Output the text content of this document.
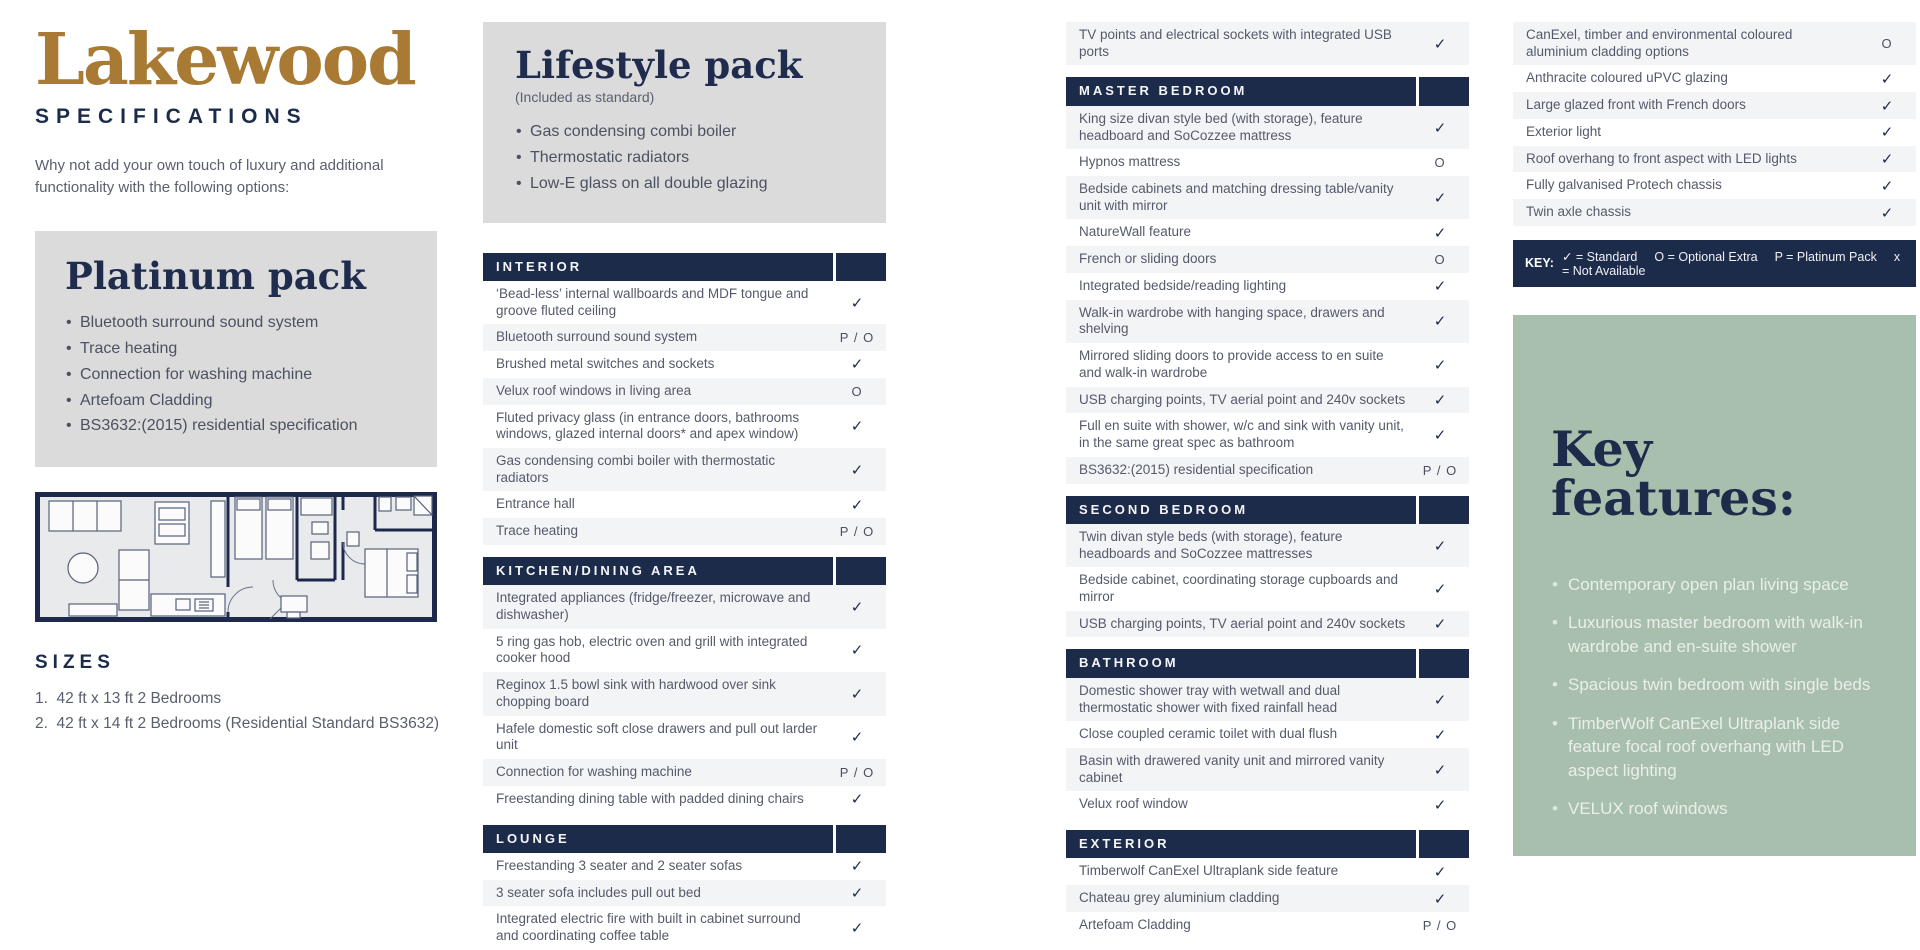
Lakewood
SPECIFICATIONS

Why not add your own touch of luxury and additional functionality with the following options:

Platinum pack
• Bluetooth surround sound system
• Trace heating
• Connection for washing machine
• Artefoam Cladding
• BS3632:(2015) residential specification
SIZES
42 ft x 13 ft 2 Bedrooms
42 ft x 14 ft 2 Bedrooms (Residential Standard BS3632)
Lifestyle pack
(Included as standard)
• Gas condensing combi boiler
• Thermostatic radiators
• Low-E glass on all double glazing
INTERIOR
‘Bead-less’ internal wallboards and MDF tongue and groove fluted ceiling	✓
Bluetooth surround sound system	P / O
Brushed metal switches and sockets	✓
Velux roof windows in living area	O
Fluted privacy glass (in entrance doors, bathrooms windows, glazed internal doors* and apex window)	✓
Gas condensing combi boiler with thermostatic radiators	✓
Entrance hall	✓
Trace heating	P / O
KITCHEN/DINING AREA
Integrated appliances (fridge/freezer, microwave and dishwasher)	✓
5 ring gas hob, electric oven and grill with integrated cooker hood	✓
Reginox 1.5 bowl sink with hardwood over sink chopping board	✓
Hafele domestic soft close drawers and pull out larder unit	✓
Connection for washing machine	P / O
Freestanding dining table with padded dining chairs	✓
LOUNGE
Freestanding 3 seater and 2 seater sofas	✓
3 seater sofa includes pull out bed	✓
Integrated electric fire with built in cabinet surround and coordinating coffee table	✓
TV points and electrical sockets with integrated USB ports	✓
MASTER BEDROOM
King size divan style bed (with storage), feature headboard and SoCozzee mattress	✓
Hypnos mattress	O
Bedside cabinets and matching dressing table/vanity unit with mirror	✓
NatureWall feature	✓
French or sliding doors	O
Integrated bedside/reading lighting	✓
Walk-in wardrobe with hanging space, drawers and shelving	✓
Mirrored sliding doors to provide access to en suite and walk-in wardrobe	✓
USB charging points, TV aerial point and 240v sockets	✓
Full en suite with shower, w/c and sink with vanity unit, in the same great spec as bathroom	✓
BS3632:(2015) residential specification	P / O
SECOND BEDROOM
Twin divan style beds (with storage), feature headboards and SoCozzee mattresses	✓
Bedside cabinet, coordinating storage cupboards and mirror	✓
USB charging points, TV aerial point and 240v sockets	✓
BATHROOM
Domestic shower tray with wetwall and dual thermostatic shower with fixed rainfall head	✓
Close coupled ceramic toilet with dual flush	✓
Basin with drawered vanity unit and mirrored vanity cabinet	✓
Velux roof window	✓
EXTERIOR
Timberwolf CanExel Ultraplank side feature	✓
Chateau grey aluminium cladding	✓
Artefoam Cladding	P / O
CanExel, timber and environmental coloured aluminium cladding options	O
Anthracite coloured uPVC glazing	✓
Large glazed front with French doors	✓
Exterior light	✓
Roof overhang to front aspect with LED lights	✓
Fully galvanised Protech chassis	✓
Twin axle chassis	✓
KEY: ✓ = Standard O = Optional Extra P = Platinum Pack x = Not Available
Key features:
• Contemporary open plan living space
• Luxurious master bedroom with walk-in wardrobe and en-suite shower
• Spacious twin bedroom with single beds
• TimberWolf CanExel Ultraplank side feature focal roof overhang with LED aspect lighting
• VELUX roof windows
